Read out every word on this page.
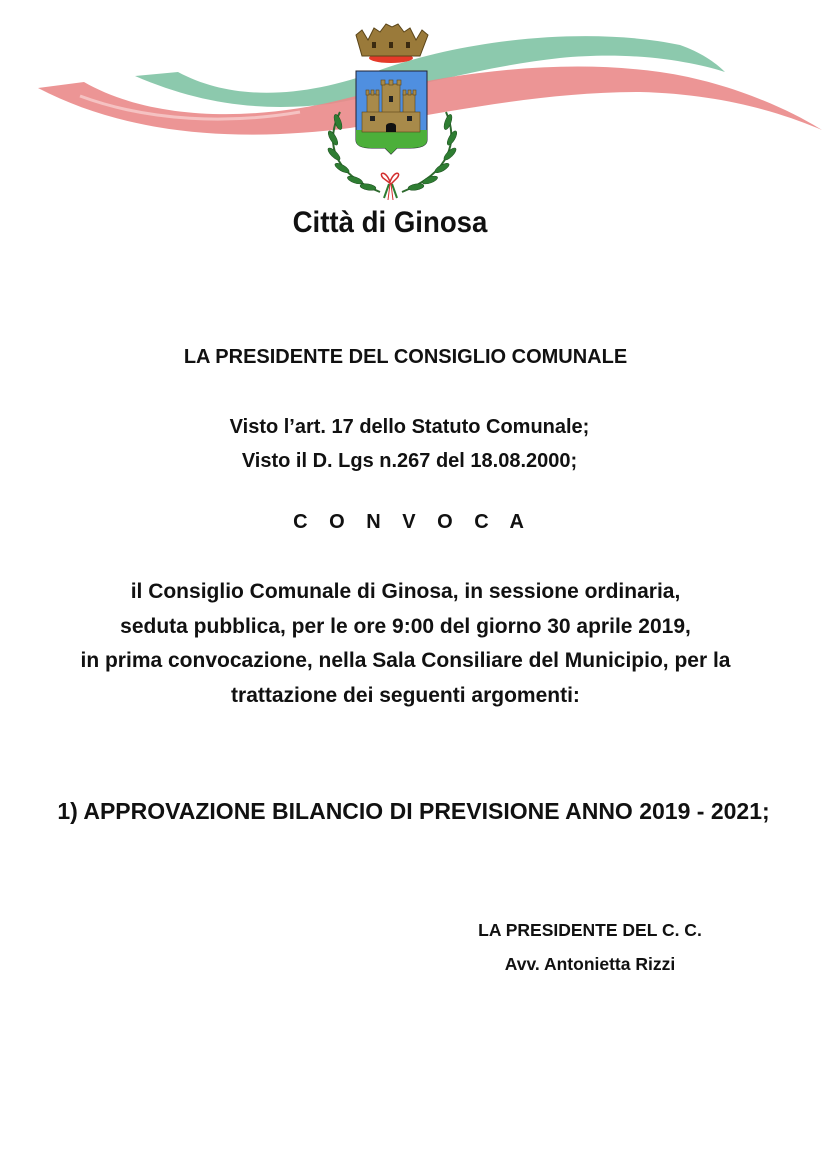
Città di Ginosa
LA PRESIDENTE DEL CONSIGLIO COMUNALE
Visto l’art. 17 dello Statuto Comunale;
Visto il D. Lgs n.267 del 18.08.2000;
C O N V O C A
il Consiglio Comunale di Ginosa, in sessione ordinaria,
seduta pubblica, per le ore 9:00 del giorno 30 aprile 2019,
in prima convocazione, nella Sala Consiliare del Municipio, per la
trattazione dei seguenti argomenti:
1) APPROVAZIONE BILANCIO DI PREVISIONE ANNO 2019 - 2021;
LA PRESIDENTE DEL C. C.
Avv. Antonietta Rizzi
